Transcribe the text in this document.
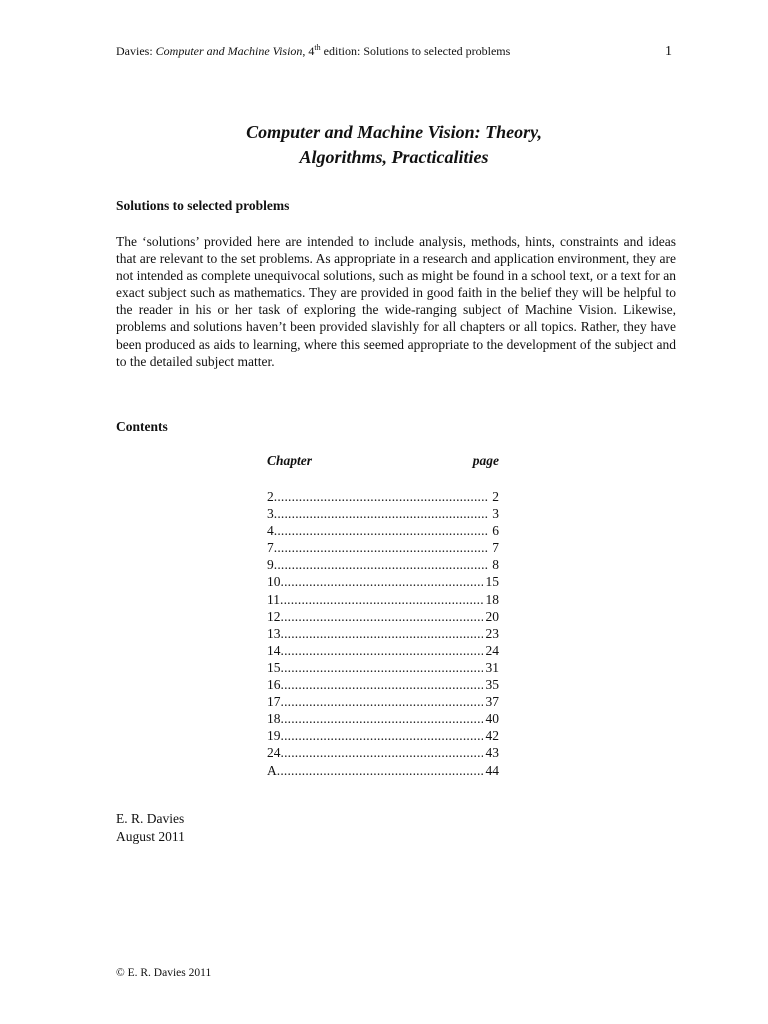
Davies: Computer and Machine Vision, 4th edition: Solutions to selected problems	1
Computer and Machine Vision: Theory,
Algorithms, Practicalities
Solutions to selected problems

The ‘solutions’ provided here are intended to include analysis, methods, hints, constraints and ideas that are relevant to the set problems. As appropriate in a research and application environment, they are not intended as complete unequivocal solutions, such as might be found in a school text, or a text for an exact subject such as mathematics. They are provided in good faith in the belief they will be helpful to the reader in his or her task of exploring the wide-ranging subject of Machine Vision. Likewise, problems and solutions haven’t been provided slavishly for all chapters or all topics. Rather, they have been produced as aids to learning, where this seemed appropriate to the development of the subject and to the detailed subject matter.

Contents
Chapter	page
2 .....	2
3 .....	3
4 .....	6
7 .....	7
9 .....	8
10 .....	15
11 .....	18
12 .....	20
13 .....	23
14 .....	24
15 .....	31
16 .....	35
17 .....	37
18 .....	40
19 .....	42
24 .....	43
A .....	44
E. R. Davies
August 2011
© E. R. Davies 2011
